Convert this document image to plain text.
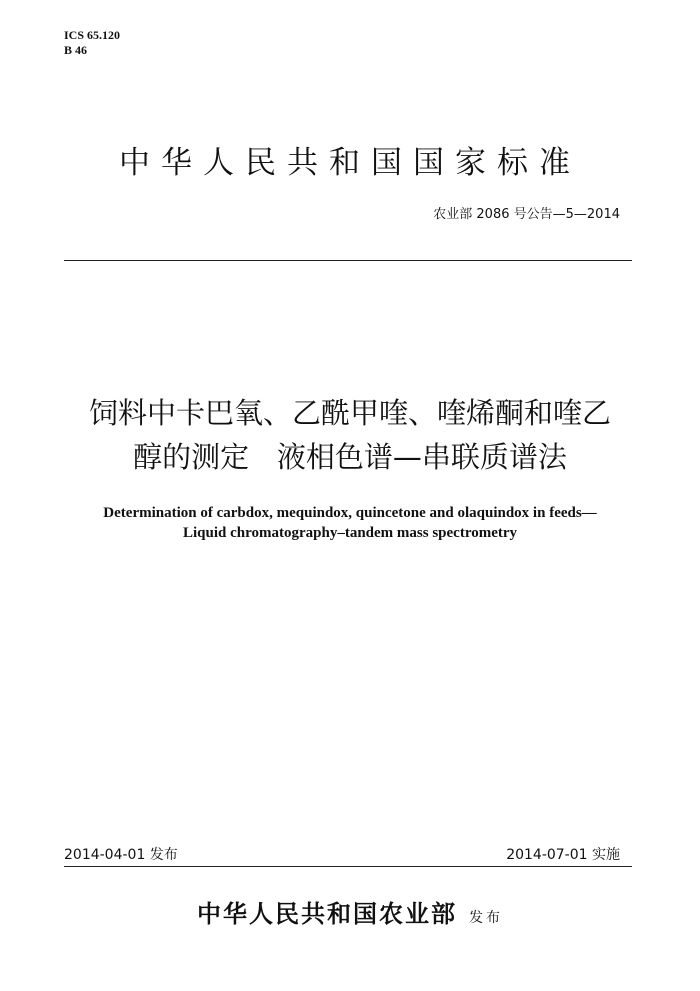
ICS 65.120
B 46
中华人民共和国国家标准
农业部 2086 号公告—5—2014
饲料中卡巴氧、乙酰甲喹、喹烯酮和喹乙
醇的测定   液相色谱—串联质谱法
Determination of carbdox, mequindox, quincetone and olaquindox in feeds—
Liquid chromatography–tandem mass spectrometry
2014-04-01 发布	2014-07-01 实施
中华人民共和国农业部 发布
